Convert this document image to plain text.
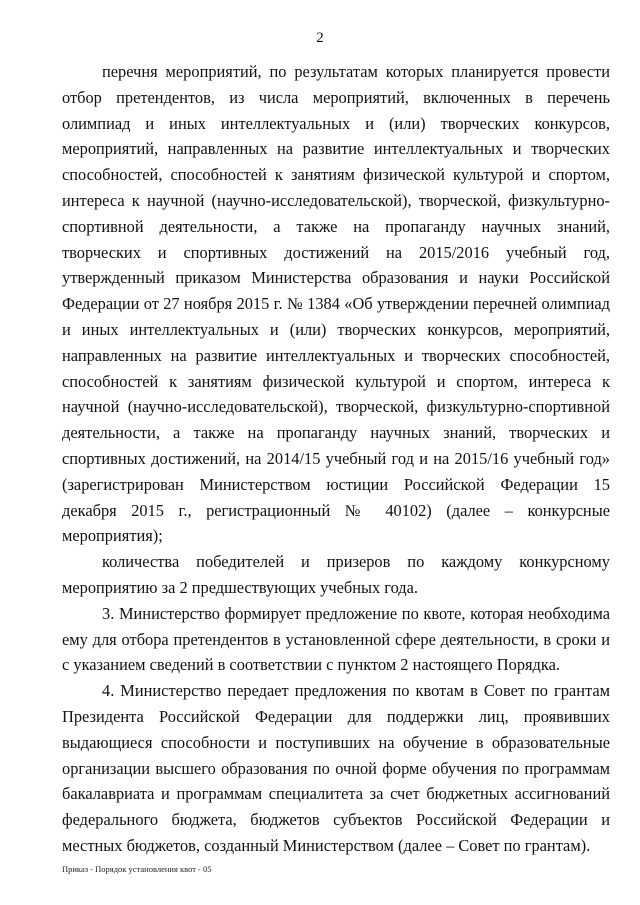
2

перечня мероприятий, по результатам которых планируется провести отбор претендентов, из числа мероприятий, включенных в перечень олимпиад и иных интеллектуальных и (или) творческих конкурсов, мероприятий, направленных на развитие интеллектуальных и творческих способностей, способностей к занятиям физической культурой и спортом, интереса к научной (научно-исследовательской), творческой, физкультурно-спортивной деятельности, а также на пропаганду научных знаний, творческих и спортивных достижений на 2015/2016 учебный год, утвержденный приказом Министерства образования и науки Российской Федерации от 27 ноября 2015 г. № 1384 «Об утверждении перечней олимпиад и иных интеллектуальных и (или) творческих конкурсов, мероприятий, направленных на развитие интеллектуальных и творческих способностей, способностей к занятиям физической культурой и спортом, интереса к научной (научно-исследовательской), творческой, физкультурно-спортивной деятельности, а также на пропаганду научных знаний, творческих и спортивных достижений, на 2014/15 учебный год и на 2015/16 учебный год» (зарегистрирован Министерством юстиции Российской Федерации 15 декабря 2015 г., регистрационный № 40102) (далее – конкурсные мероприятия);

количества победителей и призеров по каждому конкурсному мероприятию за 2 предшествующих учебных года.

3. Министерство формирует предложение по квоте, которая необходима ему для отбора претендентов в установленной сфере деятельности, в сроки и с указанием сведений в соответствии с пунктом 2 настоящего Порядка.

4. Министерство передает предложения по квотам в Совет по грантам Президента Российской Федерации для поддержки лиц, проявивших выдающиеся способности и поступивших на обучение в образовательные организации высшего образования по очной форме обучения по программам бакалавриата и программам специалитета за счет бюджетных ассигнований федерального бюджета, бюджетов субъектов Российской Федерации и местных бюджетов, созданный Министерством (далее – Совет по грантам).

Приказ - Порядок установления квот - 05
